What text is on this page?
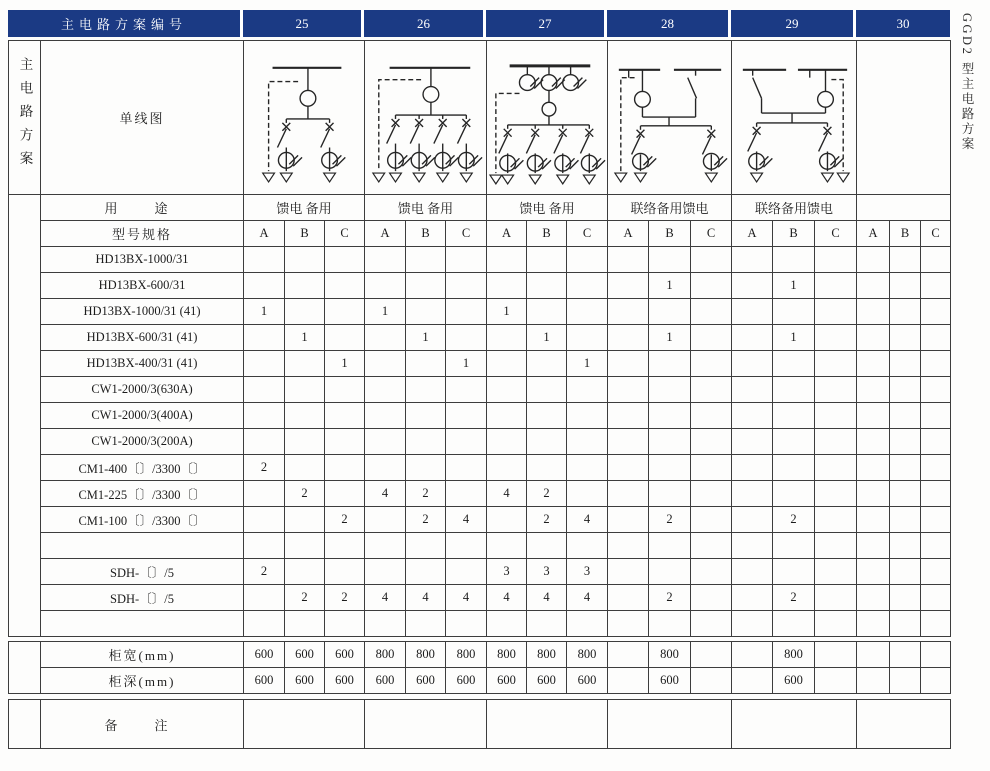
主电路方案编号	25	26	27	28	29	30
主电路方案	单线图	

	用　途	馈电 备用			馈电 备用			馈电 备用			联络备用馈电			联络备用馈电					
	型号规格	A	B	C	A	B	C	A	B	C	A	B	C	A	B	C	A	B	C
	HD13BX-1000/31																		
	HD13BX-600/31											1			1				
	HD13BX-1000/31 (41)	1			1			1											
	HD13BX-600/31 (41)		1			1			1			1			1				
	HD13BX-400/31 (41)			1			1			1									
	CW1-2000/3(630A)																		
	CW1-2000/3(400A)																		
	CW1-2000/3(200A)																		
	CM1-400〔〕/3300〔〕	2																	
	CM1-225〔〕/3300〔〕		2		4	2		4	2										
	CM1-100〔〕/3300〔〕			2		2	4		2	4		2			2				

	SDH-〔〕/5	2						3	3	3									
	SDH-〔〕/5		2	2	4	4	4	4	4	4		2			2				

	柜宽(mm)	600	600	600	800	800	800	800	800	800		800			800				
	柜深(mm)	600	600	600	600	600	600	600	600	600		600			600				
	备　注						
GGD2 型主电路方案
